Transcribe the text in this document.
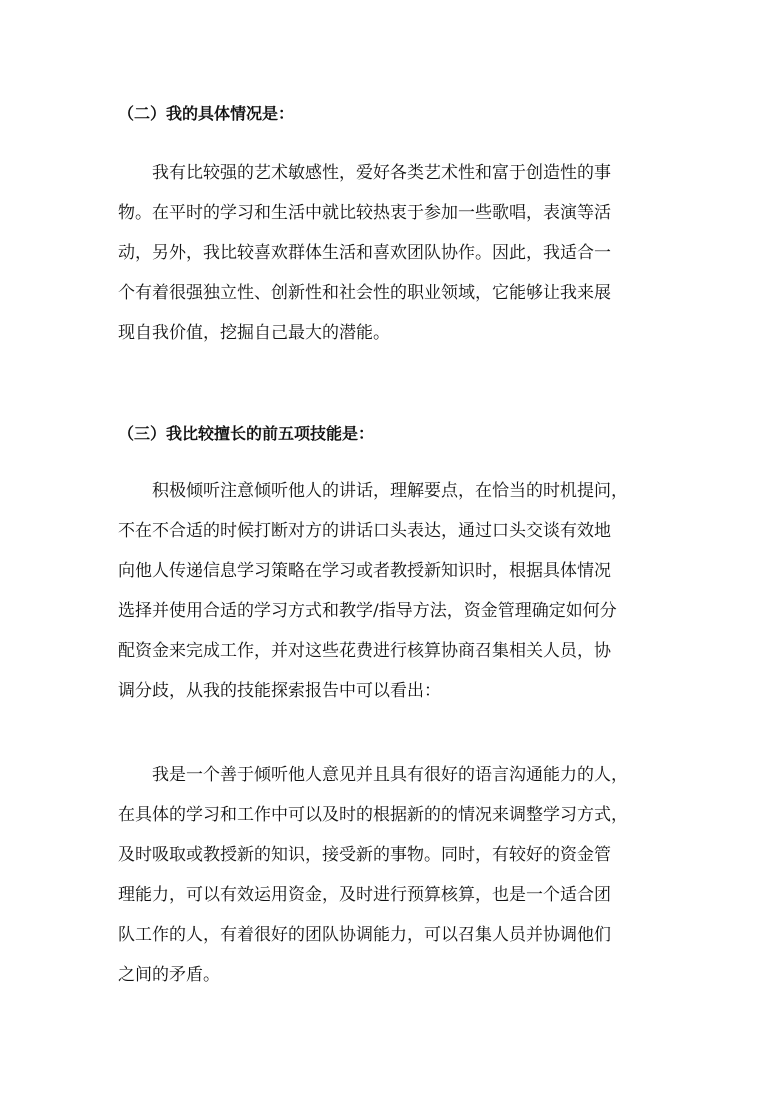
（二）我的具体情况是：
我有比较强的艺术敏感性，爱好各类艺术性和富于创造性的事
物。在平时的学习和生活中就比较热衷于参加一些歌唱，表演等活
动，另外，我比较喜欢群体生活和喜欢团队协作。因此，我适合一
个有着很强独立性、创新性和社会性的职业领域，它能够让我来展
现自我价值，挖掘自己最大的潜能。
（三）我比较擅长的前五项技能是：
积极倾听注意倾听他人的讲话，理解要点，在恰当的时机提问，
不在不合适的时候打断对方的讲话口头表达，通过口头交谈有效地
向他人传递信息学习策略在学习或者教授新知识时，根据具体情况
选择并使用合适的学习方式和教学/指导方法，资金管理确定如何分
配资金来完成工作，并对这些花费进行核算协商召集相关人员，协
调分歧，从我的技能探索报告中可以看出：
我是一个善于倾听他人意见并且具有很好的语言沟通能力的人，
在具体的学习和工作中可以及时的根据新的的情况来调整学习方式，
及时吸取或教授新的知识，接受新的事物。同时，有较好的资金管
理能力，可以有效运用资金，及时进行预算核算，也是一个适合团
队工作的人，有着很好的团队协调能力，可以召集人员并协调他们
之间的矛盾。
